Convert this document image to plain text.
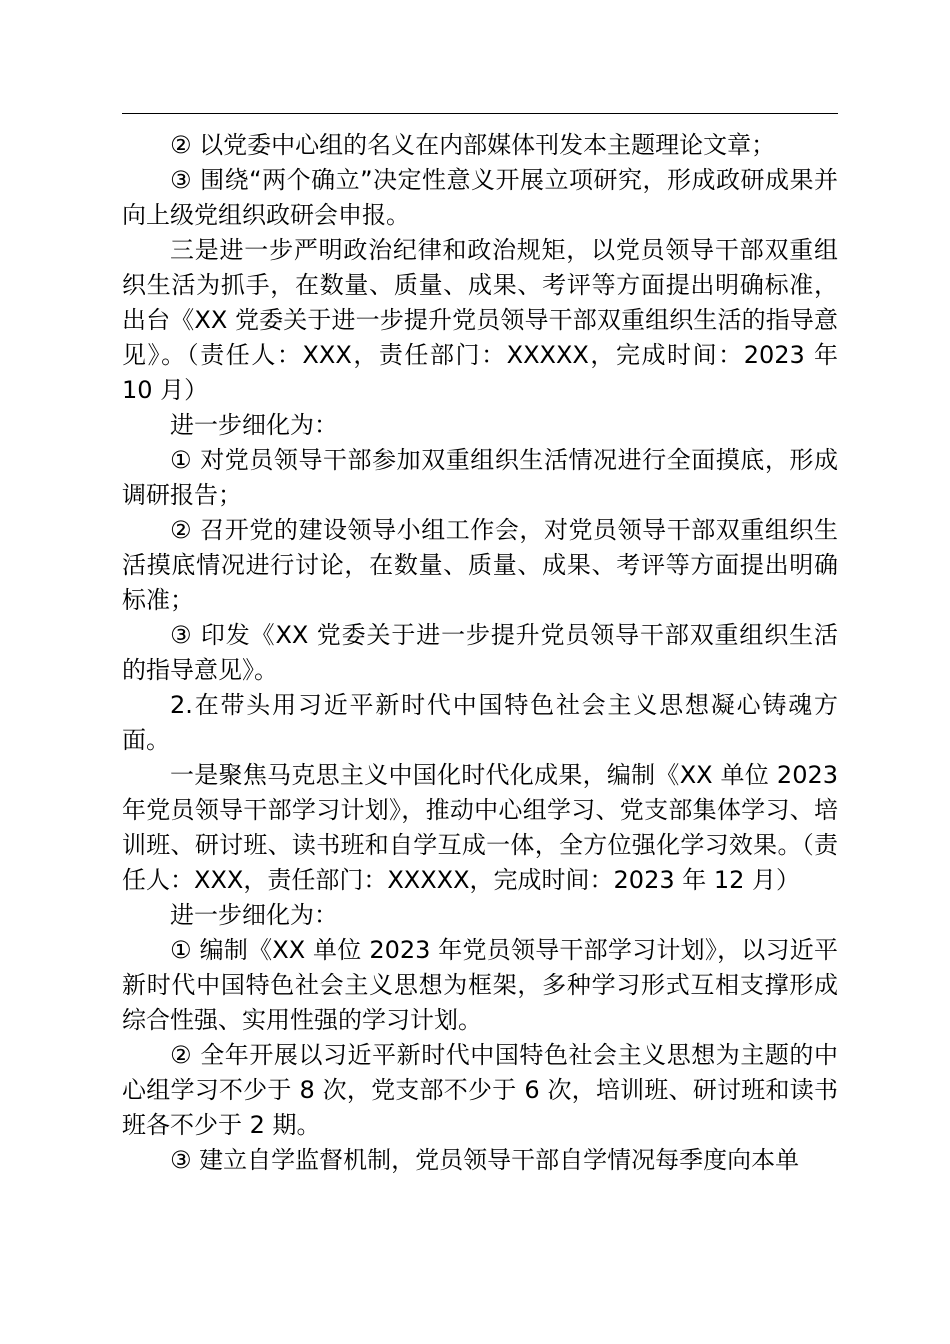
② 以党委中心组的名义在内部媒体刊发本主题理论文章；

③ 围绕“两个确立”决定性意义开展立项研究，形成政研成果并向上级党组织政研会申报。

三是进一步严明政治纪律和政治规矩，以党员领导干部双重组织生活为抓手，在数量、质量、成果、考评等方面提出明确标准，出台《XX 党委关于进一步提升党员领导干部双重组织生活的指导意见》。（责任人：XXX，责任部门：XXXXX，完成时间：2023 年 10 月）

进一步细化为：

① 对党员领导干部参加双重组织生活情况进行全面摸底，形成调研报告；

② 召开党的建设领导小组工作会，对党员领导干部双重组织生活摸底情况进行讨论，在数量、质量、成果、考评等方面提出明确标准；

③ 印发《XX 党委关于进一步提升党员领导干部双重组织生活的指导意见》。

2.在带头用习近平新时代中国特色社会主义思想凝心铸魂方面。

一是聚焦马克思主义中国化时代化成果，编制《XX 单位 2023 年党员领导干部学习计划》，推动中心组学习、党支部集体学习、培训班、研讨班、读书班和自学互成一体，全方位强化学习效果。（责任人：XXX，责任部门：XXXXX，完成时间：2023 年 12 月）

进一步细化为：

① 编制《XX 单位 2023 年党员领导干部学习计划》，以习近平新时代中国特色社会主义思想为框架，多种学习形式互相支撑形成综合性强、实用性强的学习计划。

② 全年开展以习近平新时代中国特色社会主义思想为主题的中心组学习不少于 8 次，党支部不少于 6 次，培训班、研讨班和读书班各不少于 2 期。

③ 建立自学监督机制，党员领导干部自学情况每季度向本单
